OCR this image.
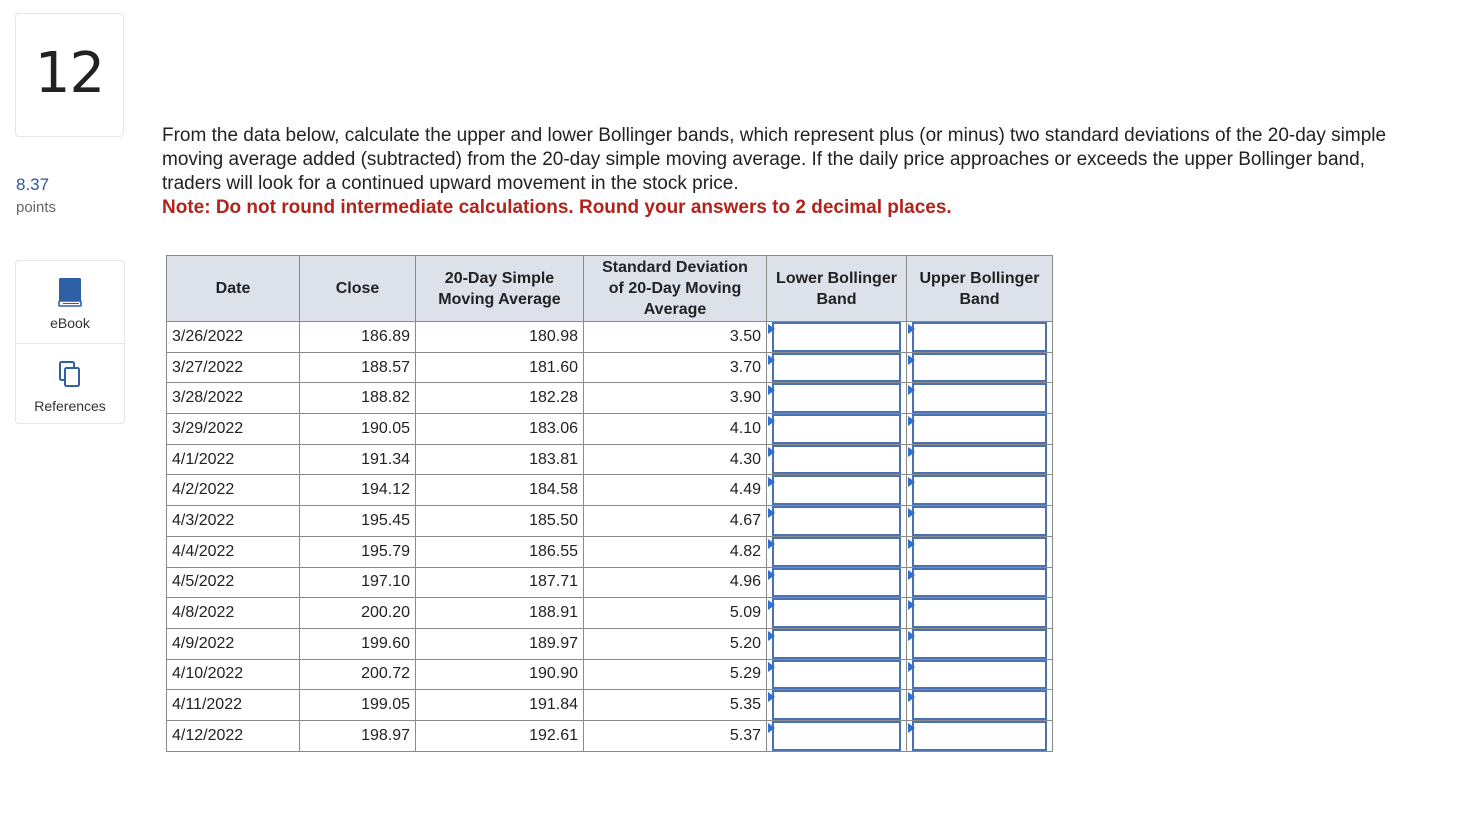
12
8.37
points
eBook
References
From the data below, calculate the upper and lower Bollinger bands, which represent plus (or minus) two standard deviations of the 20-day simple moving average added (subtracted) from the 20-day simple moving average. If the daily price approaches or exceeds the upper Bollinger band, traders will look for a continued upward movement in the stock price.
Note: Do not round intermediate calculations. Round your answers to 2 decimal places.
Date	Close	20-Day Simple Moving Average	Standard Deviation of 20-Day Moving Average	Lower Bollinger Band	Upper Bollinger Band
3/26/2022	186.89	180.98	3.50	

3/27/2022	188.57	181.60	3.70	

3/28/2022	188.82	182.28	3.90	

3/29/2022	190.05	183.06	4.10	

4/1/2022	191.34	183.81	4.30	

4/2/2022	194.12	184.58	4.49	

4/3/2022	195.45	185.50	4.67	

4/4/2022	195.79	186.55	4.82	

4/5/2022	197.10	187.71	4.96	

4/8/2022	200.20	188.91	5.09	

4/9/2022	199.60	189.97	5.20	

4/10/2022	200.72	190.90	5.29	

4/11/2022	199.05	191.84	5.35	

4/12/2022	198.97	192.61	5.37	
